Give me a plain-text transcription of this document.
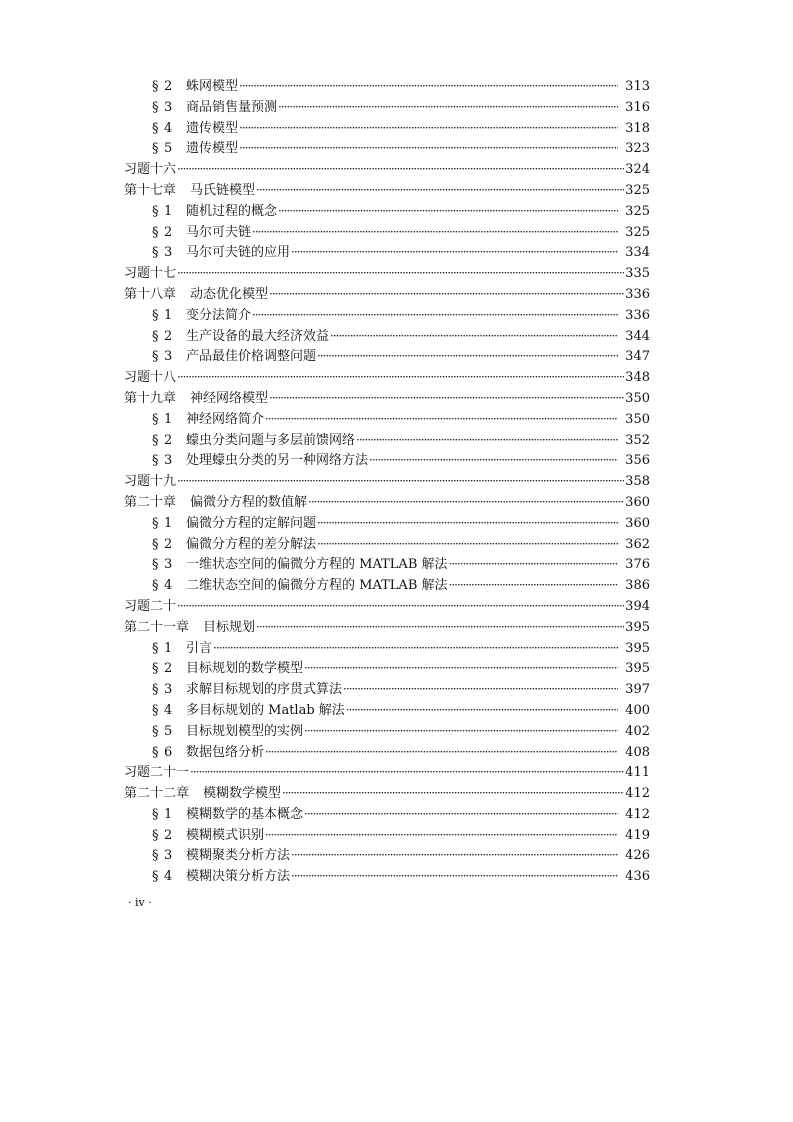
§ 2 蛛网模型 ·····	313
§ 3 商品销售量预测 ·····	316
§ 4 遗传模型 ·····	318
§ 5 遗传模型 ·····	323
习题十六 ·····	324
第十七章 马氏链模型 ·····	325
§ 1 随机过程的概念 ·····	325
§ 2 马尔可夫链 ·····	325
§ 3 马尔可夫链的应用 ·····	334
习题十七 ·····	335
第十八章 动态优化模型 ·····	336
§ 1 变分法简介 ·····	336
§ 2 生产设备的最大经济效益 ·····	344
§ 3 产品最佳价格调整问题 ·····	347
习题十八 ·····	348
第十九章 神经网络模型 ·····	350
§ 1 神经网络简介 ·····	350
§ 2 蠓虫分类问题与多层前馈网络 ·····	352
§ 3 处理蠓虫分类的另一种网络方法 ·····	356
习题十九 ·····	358
第二十章 偏微分方程的数值解 ·····	360
§ 1 偏微分方程的定解问题 ·····	360
§ 2 偏微分方程的差分解法 ·····	362
§ 3 一维状态空间的偏微分方程的 MATLAB 解法 ·····	376
§ 4 二维状态空间的偏微分方程的 MATLAB 解法 ·····	386
习题二十 ·····	394
第二十一章 目标规划 ·····	395
§ 1 引言 ·····	395
§ 2 目标规划的数学模型 ·····	395
§ 3 求解目标规划的序贯式算法 ·····	397
§ 4 多目标规划的 Matlab 解法 ·····	400
§ 5 目标规划模型的实例 ·····	402
§ 6 数据包络分析 ·····	408
习题二十一 ·····	411
第二十二章 模糊数学模型 ·····	412
§ 1 模糊数学的基本概念 ·····	412
§ 2 模糊模式识别 ·····	419
§ 3 模糊聚类分析方法 ·····	426
§ 4 模糊决策分析方法 ·····	436
· iv ·
